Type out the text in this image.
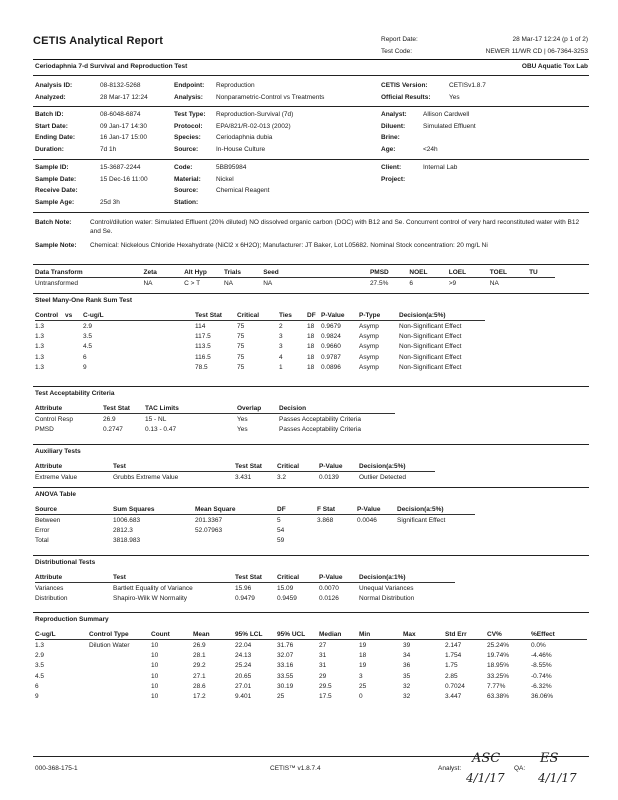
CETIS Analytical Report	Report Date:	28 Mar-17 12:24 (p 1 of 2)
Test Code:	NEWER 11/WR CD | 06-7364-3253
Ceriodaphnia 7-d Survival and Reproduction Test	OBU Aquatic Tox Lab
Analysis ID:	08-8132-5268
Analyzed:	28 Mar-17 12:24
Endpoint: Reproduction
Analysis: Nonparametric-Control vs Treatments
CETIS Version:	CETISv1.8.7
Official Results:	Yes
Batch ID:	08-6048-6874
Start Date:	09 Jan-17 14:30
Ending Date:	16 Jan-17 15:00
Duration:	7d 1h
Test Type: Reproduction-Survival (7d)
Protocol: EPA/821/R-02-013 (2002)
Species: Ceriodaphnia dubia
Source:	In-House Culture
Analyst:	Allison Cardwell
Diluent:	Simulated Effluent
Brine:
Age:	<24h
Sample ID:	15-3687-2244
Sample Date:	15 Dec-16 11:00
Receive Date:
Sample Age:	25d 3h
Code:	5BB95984
Material: Nickel
Source:	Chemical Reagent
Station:
Client:	Internal Lab
Project:
Batch Note:	Control/dilution water: Simulated Effluent (20% diluted) NO dissolved organic carbon (DOC) with B12 and Se. Concurrent control of very hard reconstituted water with B12 and Se.
Sample Note: Chemical: Nickelous Chloride Hexahydrate (NiCl2 x 6H2O); Manufacturer: JT Baker, Lot L05682. Nominal Stock concentration: 20 mg/L Ni
Data Transform	Zeta	Alt Hyp	Trials	Seed		PMSD	NOEL	LOEL	TOEL	TU
Untransformed	NA	C > T	NA	NA		27.5%	6	>9	NA	
Steel Many-One Rank Sum Test
Control	vs	C-ug/L	Test Stat	Critical	Ties	DF	P-Value	P-Type	Decision(a:5%)
1.3		2.9	114	75	2	18	0.9679	Asymp	Non-Significant Effect
1.3		3.5	117.5	75	3	18	0.9824	Asymp	Non-Significant Effect
1.3		4.5	113.5	75	3	18	0.9660	Asymp	Non-Significant Effect
1.3		6	116.5	75	4	18	0.9787	Asymp	Non-Significant Effect
1.3		9	78.5	75	1	18	0.0896	Asymp	Non-Significant Effect
Test Acceptability Criteria
Attribute	Test Stat	TAC Limits		Overlap	Decision
Control Resp	26.9	15 - NL		Yes	Passes Acceptability Criteria
PMSD	0.2747	0.13 - 0.47		Yes	Passes Acceptability Criteria
Auxiliary Tests
Attribute	Test	Test Stat	Critical	P-Value	Decision(a:5%)
Extreme Value	Grubbs Extreme Value	3.431	3.2	0.0139	Outlier Detected
ANOVA Table
Source	Sum Squares	Mean Square	DF	F Stat	P-Value	Decision(a:5%)
Between	1006.683	201.3367	5	3.868	0.0046	Significant Effect
Error	2812.3	52.07963	54			
Total	3818.983		59			
Distributional Tests
Attribute	Test	Test Stat	Critical	P-Value	Decision(a:1%)
Variances	Bartlett Equality of Variance	15.96	15.09	0.0070	Unequal Variances
Distribution	Shapiro-Wilk W Normality	0.9479	0.9459	0.0126	Normal Distribution
Reproduction Summary
C-ug/L	Control Type	Count	Mean	95% LCL	95% UCL	Median	Min	Max	Std Err	CV%	%Effect
1.3	Dilution Water	10	26.9	22.04	31.76	27	19	39	2.147	25.24%	0.0%
2.9		10	28.1	24.13	32.07	31	18	34	1.754	19.74%	-4.46%
3.5		10	29.2	25.24	33.16	31	19	36	1.75	18.95%	-8.55%
4.5		10	27.1	20.65	33.55	29	3	35	2.85	33.25%	-0.74%
6		10	28.6	27.01	30.19	29.5	25	32	0.7024	7.77%	-6.32%
9		10	17.2	9.401	25	17.5	0	32	3.447	63.38%	36.06%
000-368-175-1	CETIS™ v1.8.7.4	Analyst:
ASC
4/1/17
QA:
ES
4/1/17
